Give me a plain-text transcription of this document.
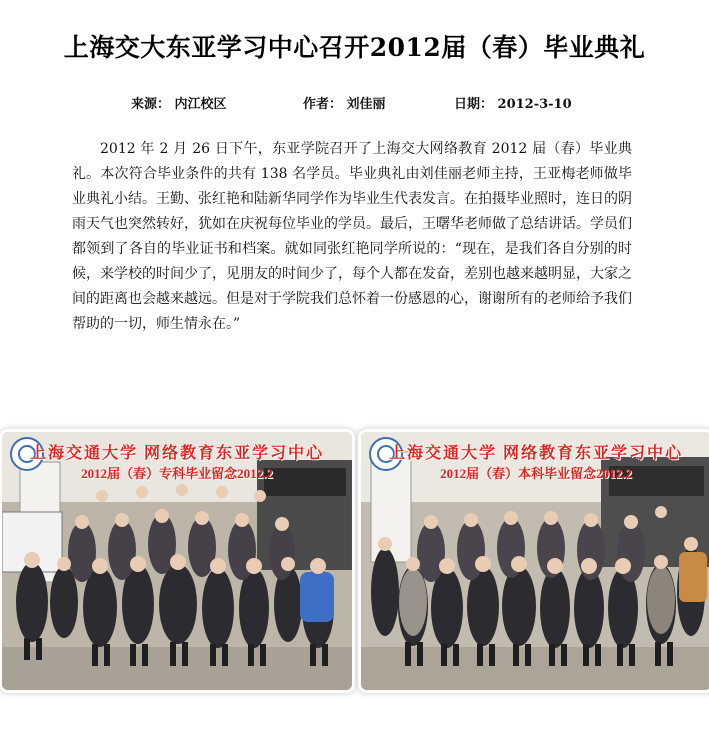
上海交大东亚学习中心召开2012届（春）毕业典礼
来源： 内江校区	作者： 刘佳丽	日期： 2012-3-10

2012 年 2 月 26 日下午，东亚学院召开了上海交大网络教育 2012 届（春）毕业典礼。本次符合毕业条件的共有 138 名学员。毕业典礼由刘佳丽老师主持，王亚梅老师做毕业典礼小结。王勤、张红艳和陆新华同学作为毕业生代表发言。在拍摄毕业照时，连日的阴雨天气也突然转好，犹如在庆祝每位毕业的学员。最后，王曙华老师做了总结讲话。学员们都领到了各自的毕业证书和档案。就如同张红艳同学所说的：“现在，是我们各自分别的时候，来学校的时间少了，见朋友的时间少了，每个人都在发奋，差别也越来越明显，大家之间的距离也会越来越远。但是对于学院我们总怀着一份感恩的心，谢谢所有的老师给予我们帮助的一切，师生情永在。”

上海交通大学 网络教育东亚学习中心
2012届（春）专科毕业留念2012.2
上海交通大学 网络教育东亚学习中心
2012届（春）本科毕业留念2012.2
